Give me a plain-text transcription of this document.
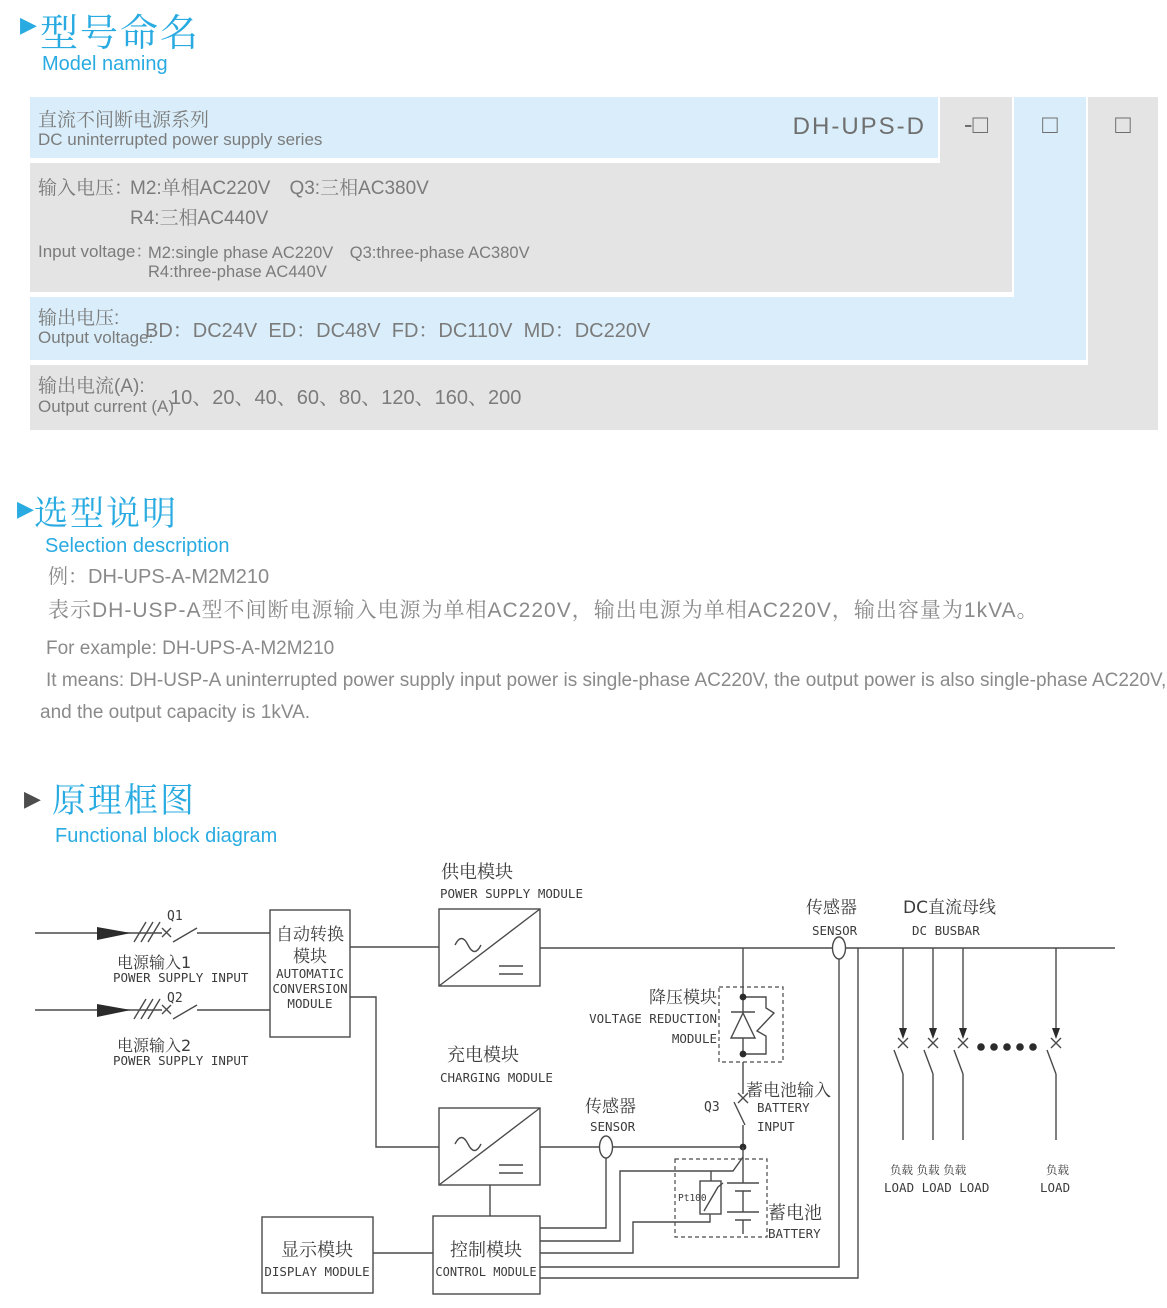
▶ 型号命名
Model naming
-□	□	□
直流不间断电源系列
DC uninterrupted power supply series	DH-UPS-D
输入电压：
M2:单相AC220V　Q3:三相AC380V
R4:三相AC440V
Input voltage：
M2:single phase AC220V　Q3:three-phase AC380V
R4:three-phase AC440V
输出电压:
Output voltage:
BD：DC24V  ED：DC48V  FD：DC110V  MD：DC220V
输出电流(A):
Output current (A)
10、20、40、60、80、120、160、200
▶ 选型说明
Selection description
例：DH-UPS-A-M2M210
表示DH-USP-A型不间断电源输入电源为单相AC220V，输出电源为单相AC220V，输出容量为1kVA。
For example: DH-UPS-A-M2M210
It means: DH-USP-A uninterrupted power supply input power is single-phase AC220V, the output power is also single-phase AC220V,
and the output capacity is 1kVA.
▶ 原理框图
Functional block diagram
供电模块
POWER SUPPLY MODULE
传感器
SENSOR
DC直流母线
DC BUSBAR
Q1
电源输入1
POWER SUPPLY INPUT
Q2
电源输入2
POWER SUPPLY INPUT
自动转换
模块
AUTOMATIC
CONVERSION
MODULE	降压模块
VOLTAGE REDUCTION
MODULE
充电模块
CHARGING MODULE
传感器
SENSOR
Q3
蓄电池输入
BATTERY
INPUT
Pt100
蓄电池
BATTERY
负载 负载 负载
LOAD LOAD LOAD
负载
LOAD
显示模块
DISPLAY MODULE
控制模块
CONTROL MODULE
